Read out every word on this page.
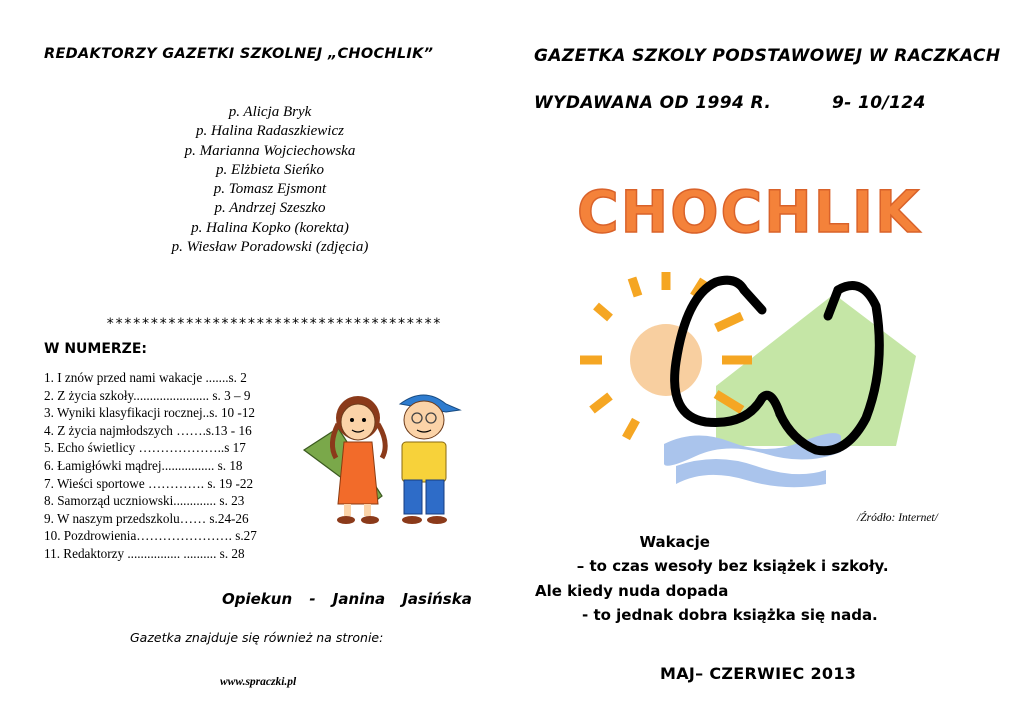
REDAKTORZY GAZETKI SZKOLNEJ „CHOCHLIK”
p. Alicja Bryk
p. Halina Radaszkiewicz
p. Marianna Wojciechowska
p. Elżbieta Sieńko
p. Tomasz Ejsmont
p. Andrzej Szeszko
p. Halina Kopko (korekta)
p. Wiesław Poradowski (zdjęcia)
**************************************
W NUMERZE:
1. I znów przed nami wakacje .......s. 2
2. Z życia szkoły....................... s. 3 – 9
3. Wyniki klasyfikacji rocznej..s. 10 -12
4. Z życia najmłodszych …….s.13 - 16
5. Echo świetlicy ………………..s 17
6. Łamigłówki mądrej................ s. 18
7. Wieści sportowe …………. s. 19 -22
8. Samorząd uczniowski............. s. 23
9. W naszym przedszkolu…… s.24-26
10. Pozdrowienia…………………. s.27
11. Redaktorzy ................ .......... s. 28
Opiekun - Janina Jasińska
Gazetka znajduje się również na stronie:
www.spraczki.pl
GAZETKA SZKOLY PODSTAWOWEJ W RACZKACH
WYDAWANA OD 1994 R.	9- 10/124
CHOCHLIK
/Źródło: Internet/
Wakacje
– to czas wesoły bez książek i szkoły.
Ale kiedy nuda dopada
- to jednak dobra książka się nada.
MAJ– CZERWIEC 2013
